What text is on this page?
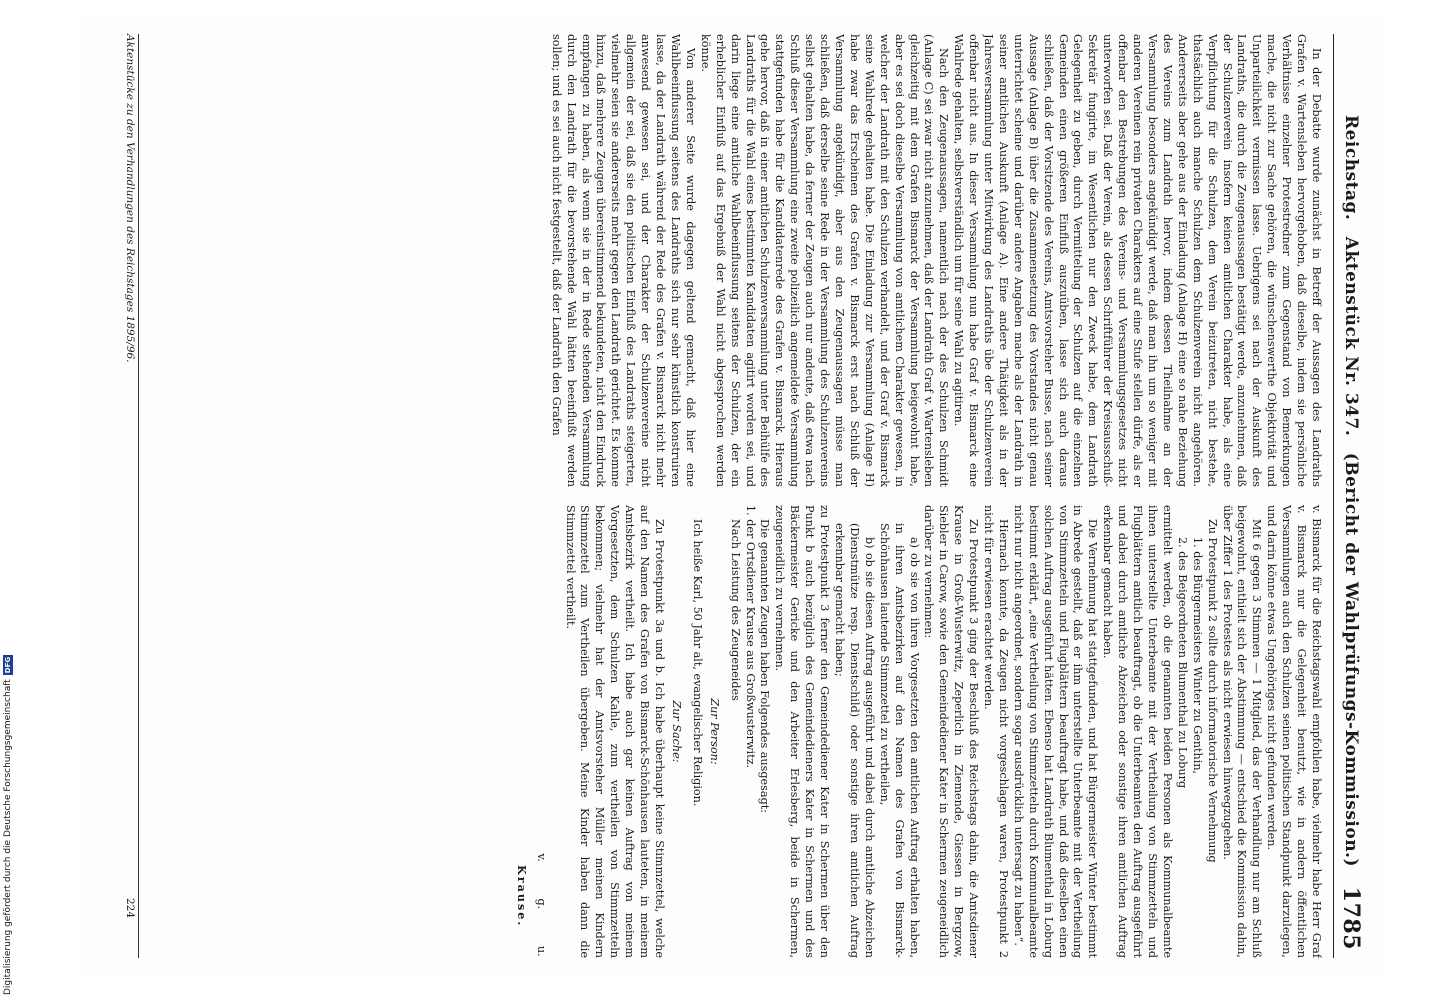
Reichstag. Aktenstück Nr. 347. (Bericht der Wahlprüfungs-Kommission.)
1785

In der Debatte wurde zunächst in Betreff der Aussagen des Landraths Grafen v. Wartensleben hervorgehoben, daß dieselbe, indem sie persönliche Verhältnisse einzelner Protestredner zum Gegenstand von Bemerkungen mache, die nicht zur Sache gehören, die wünschenswerthe Objektivität und Unparteilichkeit vermissen lasse. Uebrigens sei nach der Auskunft des Landraths, die durch die Zeugenaussagen bestätigt werde, anzunehmen, daß der Schulzenverein insofern keinen amtlichen Charakter habe, als eine Verpflichtung für die Schulzen, dem Verein beizutreten, nicht bestehe, thatsächlich auch manche Schulzen dem Schulzenverein nicht angehören. Andererseits aber gehe aus der Einladung (Anlage H) eine so nahe Beziehung des Vereins zum Landrath hervor, indem dessen Theilnahme an der Versammlung besonders angekündigt werde, daß man ihn um so weniger mit anderen Vereinen rein privaten Charakters auf eine Stufe stellen dürfe, als er offenbar den Bestrebungen des Vereins- und Versammlungsgesetzes nicht unterworfen sei. Daß der Verein, als dessen Schriftführer der Kreisausschuß-Sekretär fungirte, im Wesentlichen nur den Zweck habe, dem Landrath Gelegenheit zu geben, durch Vermittelung der Schulzen auf die einzelnen Gemeinden einen größeren Einfluß auszuüben, lasse sich auch daraus schließen, daß der Vorsitzende des Vereins, Amtsvorsteher Busse, nach seiner Aussage (Anlage B) über die Zusammensetzung des Vorstandes nicht genau unterrichtet scheine und darüber andere Angaben mache als der Landrath in seiner amtlichen Auskunft (Anlage A). Eine andere Thätigkeit als in der Jahresversammlung unter Mitwirkung des Landraths übe der Schulzenverein offenbar nicht aus. In dieser Versammlung nun habe Graf v. Bismarck eine Wahlrede gehalten, selbstverständlich um für seine Wahl zu agitiren.

Nach den Zeugenaussagen, namentlich nach der des Schulzen Schmidt (Anlage C) sei zwar nicht anzunehmen, daß der Landrath Graf v. Wartensleben gleichzeitig mit dem Grafen Bismarck der Versammlung beigewohnt habe, aber es sei doch dieselbe Versammlung von amtlichem Charakter gewesen, in welcher der Landrath mit den Schulzen verhandelt, und der Graf v. Bismarck seine Wahlrede gehalten habe. Die Einladung zur Versammlung (Anlage H) habe zwar das Erscheinen des Grafen v. Bismarck erst nach Schluß der Versammlung angekündigt, aber aus den Zeugenaussagen müsse man schließen, daß derselbe seine Rede in der Versammlung des Schulzenvereins selbst gehalten habe, da ferner der Zeugen auch nur andeute, daß etwa nach Schluß dieser Versammlung eine zweite polizeilich angemeldete Versammlung stattgefunden habe für die Kandidatenrede des Grafen v. Bismarck. Hieraus gehe hervor, daß in einer amtlichen Schulzenversammlung unter Beihülfe des Landraths für die Wahl eines bestimmten Kandidaten agitirt worden sei, und darin liege eine amtliche Wahlbeeinflussung seitens der Schulzen, der ein erheblicher Einfluß auf das Ergebniß der Wahl nicht abgesprochen werden könne.

Von anderer Seite wurde dagegen geltend gemacht, daß hier eine Wahlbeeinflussung seitens des Landraths sich nur sehr künstlich konstruiren lasse, da der Landrath während der Rede des Grafen v. Bismarck nicht mehr anwesend gewesen sei, und der Charakter der Schulzenvereine nicht allgemein der sei, daß sie den politischen Einfluß des Landraths steigerten, vielmehr seien sie andererseits mehr gegen den Landrath gerichtet. Es komme hinzu, daß mehrere Zeugen übereinstimmend bekundeten, nicht den Eindruck empfangen zu haben, als wenn sie in der in Rede stehenden Versammlung durch den Landrath für die bevorstehende Wahl hätten beeinflußt werden sollen; und es sei auch nicht festgestellt, daß der Landrath den Grafen

v. Bismarck für die Reichstagswahl empfohlen habe, vielmehr habe Herr Graf v. Bismarck nur die Gelegenheit benutzt, wie in andern öffentlichen Versammlungen auch den Schulzen seinen politischen Standpunkt darzulegen, und darin könne etwas Ungehöriges nicht gefunden werden.

Mit 6 gegen 3 Stimmen — 1 Mitglied, das der Verhandlung nur am Schluß beigewohnt, enthielt sich der Abstimmung — entschied die Kommission dahin, über Ziffer 1 des Protestes als nicht erwiesen hinwegzugehen.

Zu Protestpunkt 2 sollte durch informatorische Vernehmung

1. des Bürgermeisters Winter zu Genthin,

2. des Beigeordneten Blumenthal zu Loburg

ermittelt werden, ob die genannten beiden Personen als Kommunalbeamte ihnen unterstellte Unterbeamte mit der Vertheilung von Stimmzetteln und Flugblättern amtlich beauftragt, ob die Unterbeamten den Auftrag ausgeführt und dabei durch amtliche Abzeichen oder sonstige ihren amtlichen Auftrag erkennbar gemacht haben.

Die Vernehmung hat stattgefunden, und hat Bürgermeister Winter bestimmt in Abrede gestellt, daß er ihm unterstellte Unterbeamte mit der Vertheilung von Stimmzetteln und Flugblättern beauftragt habe, und daß dieselben einen solchen Auftrag ausgeführt hätten. Ebenso hat Landrath Blumenthal in Loburg bestimmt erklärt, „eine Vertheilung von Stimmzetteln durch Kommunalbeamte nicht nur nicht angeordnet, sondern sogar ausdrücklich untersagt zu haben“.

Hiernach konnte, da Zeugen nicht vorgeschlagen waren, Protestpunkt 2 nicht für erwiesen erachtet werden.

Zu Protestpunkt 3 ging der Beschluß des Reichstags dahin, die Amtsdiener Krause in Groß-Wusterwitz, Zeperlich in Ziemende, Giessen in Bergzow, Siebler in Carow, sowie den Gemeindediener Kater in Schermen zeugeneidlich darüber zu vernehmen:

a) ob sie von ihren Vorgesetzten den amtlichen Auftrag erhalten haben, in ihren Amtsbezirken auf den Namen des Grafen von Bismarck-Schönhausen lautende Stimmzettel zu vertheilen,

b) ob sie diesen Auftrag ausgeführt und dabei durch amtliche Abzeichen (Dienstmütze resp. Dienstschild) oder sonstige ihren amtlichen Auftrag erkennbar gemacht haben;

zu Protestpunkt 3 ferner den Gemeindediener Kater in Schermen über den Punkt b auch bezüglich des Gemeindedieners Kater in Schermen und des Bäckermeister Gericke und den Arbeiter Erlesberg, beide in Schermen, zeugeneidlich zu vernehmen.

Die genannten Zeugen haben Folgendes ausgesagt:

1. der Ortsdiener Krause aus Großwusterwitz.

Nach Leistung des Zeugeneides

Zur Person:

Ich heiße Karl, 50 Jahr alt, evangelischer Religion.

Zur Sache:

Zu Protestpunkt 3a und b. Ich habe überhaupt keine Stimmzettel, welche auf den Namen des Grafen von Bismarck-Schönhausen lauteten, in meinem Amtsbezirk vertheilt. Ich habe auch gar keinen Auftrag von meinem Vorgesetzten, dem Schulzen Kahle, zum vertheilen von Stimmzetteln bekommen; vielmehr hat der Amtsvorsteher Müller meinen Kindern Stimmzettel zum Vertheilen übergeben. Meine Kinder haben dann die Stimmzettel vertheilt.

v.
g.
u.
Krause.
Aktenstücke zu den Verhandlungen des Reichstages 1895/96.
224
Digitalisierung gefördert durch die Deutsche Forschungsgemeinschaft
DFG
